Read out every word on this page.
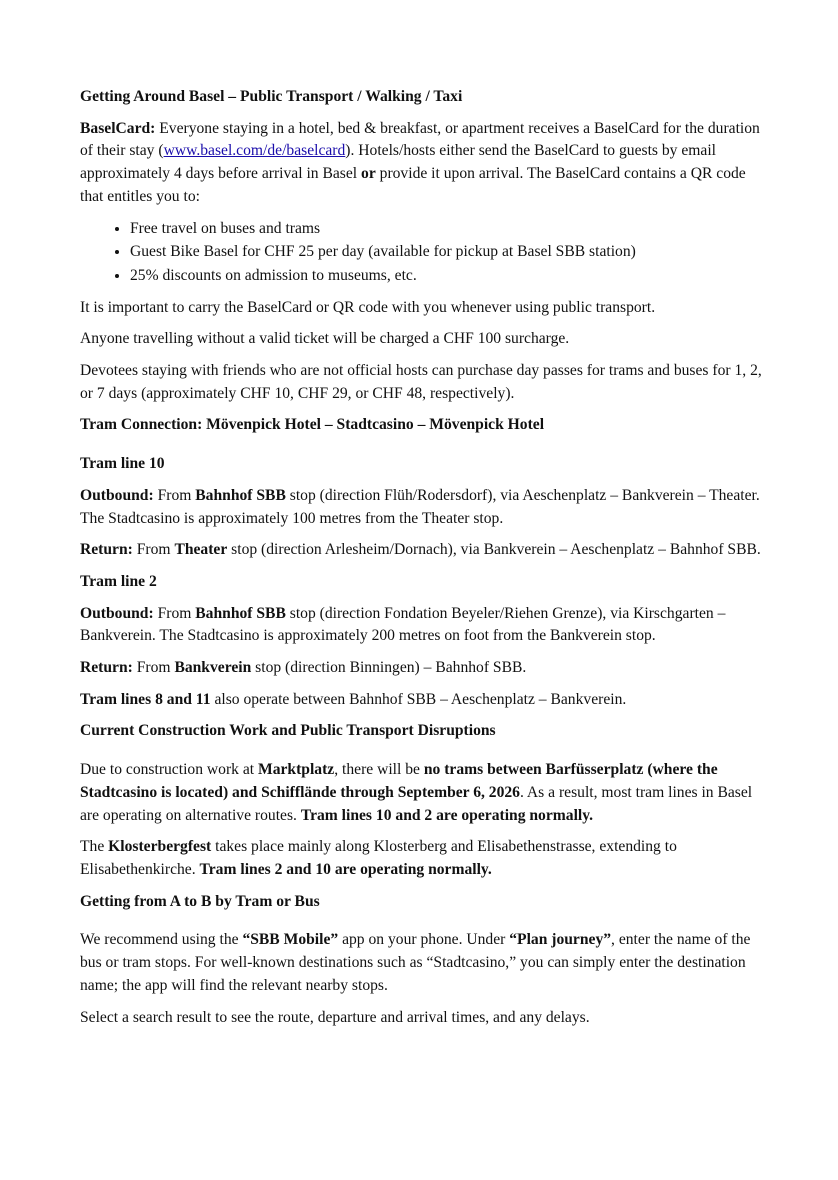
Getting Around Basel – Public Transport / Walking / Taxi

BaselCard: Everyone staying in a hotel, bed & breakfast, or apartment receives a BaselCard for the duration of their stay (www.basel.com/de/baselcard). Hotels/hosts either send the BaselCard to guests by email approximately 4 days before arrival in Basel or provide it upon arrival. The BaselCard contains a QR code that entitles you to:

• Free travel on buses and trams
• Guest Bike Basel for CHF 25 per day (available for pickup at Basel SBB station)
• 25% discounts on admission to museums, etc.

It is important to carry the BaselCard or QR code with you whenever using public transport.

Anyone travelling without a valid ticket will be charged a CHF 100 surcharge.

Devotees staying with friends who are not official hosts can purchase day passes for trams and buses for 1, 2, or 7 days (approximately CHF 10, CHF 29, or CHF 48, respectively).

Tram Connection: Mövenpick Hotel – Stadtcasino – Mövenpick Hotel
Tram line 10

Outbound: From Bahnhof SBB stop (direction Flüh/Rodersdorf), via Aeschenplatz – Bankverein – Theater. The Stadtcasino is approximately 100 metres from the Theater stop.

Return: From Theater stop (direction Arlesheim/Dornach), via Bankverein – Aeschenplatz – Bahnhof SBB.

Tram line 2

Outbound: From Bahnhof SBB stop (direction Fondation Beyeler/Riehen Grenze), via Kirschgarten – Bankverein. The Stadtcasino is approximately 200 metres on foot from the Bankverein stop.

Return: From Bankverein stop (direction Binningen) – Bahnhof SBB.

Tram lines 8 and 11 also operate between Bahnhof SBB – Aeschenplatz – Bankverein.

Current Construction Work and Public Transport Disruptions

Due to construction work at Marktplatz, there will be no trams between Barfüsserplatz (where the Stadtcasino is located) and Schifflände through September 6, 2026. As a result, most tram lines in Basel are operating on alternative routes. Tram lines 10 and 2 are operating normally.

The Klosterbergfest takes place mainly along Klosterberg and Elisabethenstrasse, extending to Elisabethenkirche. Tram lines 2 and 10 are operating normally.

Getting from A to B by Tram or Bus

We recommend using the “SBB Mobile” app on your phone. Under “Plan journey”, enter the name of the bus or tram stops. For well-known destinations such as “Stadtcasino,” you can simply enter the destination name; the app will find the relevant nearby stops.

Select a search result to see the route, departure and arrival times, and any delays.
